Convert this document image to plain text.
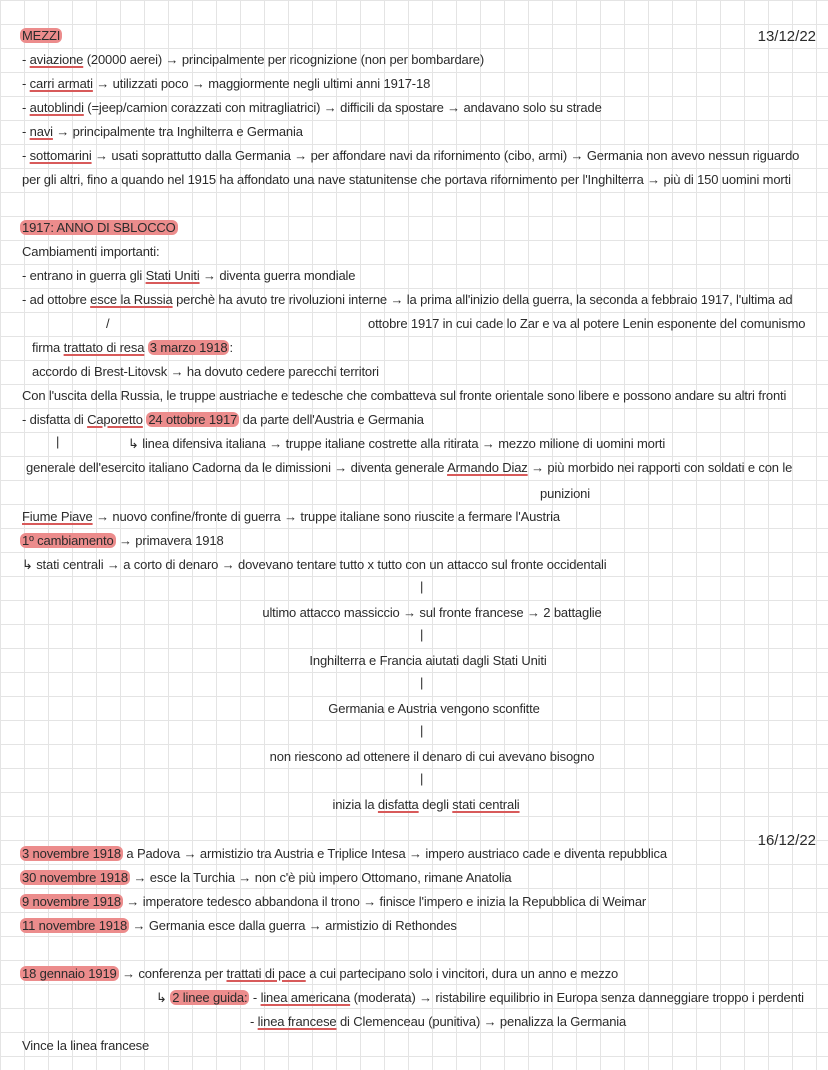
13/12/22
16/12/22
MEZZI
- aviazione (20000 aerei) → principalmente per ricognizione (non per bombardare)
- carri armati → utilizzati poco → maggiormente negli ultimi anni 1917-18
- autoblindi (=jeep/camion corazzati con mitragliatrici) → difficili da spostare → andavano solo su strade
- navi → principalmente tra Inghilterra e Germania
- sottomarini → usati soprattutto dalla Germania → per affondare navi da rifornimento (cibo, armi) → Germania non avevo nessun riguardo
per gli altri, fino a quando nel 1915 ha affondato una nave statunitense che portava rifornimento per l'Inghilterra → più di 150 uomini morti
1917: ANNO DI SBLOCCO
Cambiamenti importanti:
- entrano in guerra gli Stati Uniti → diventa guerra mondiale
- ad ottobre esce la Russia perchè ha avuto tre rivoluzioni interne → la prima all'inizio della guerra, la seconda a febbraio 1917, l'ultima ad
/	ottobre 1917 in cui cade lo Zar e va al potere Lenin esponente del comunismo
firma trattato di resa 3 marzo 1918 :
accordo di Brest-Litovsk → ha dovuto cedere parecchi territori
Con l'uscita della Russia, le truppe austriache e tedesche che combatteva sul fronte orientale sono libere e possono andare su altri fronti
- disfatta di Caporetto 24 ottobre 1917 da parte dell'Austria e Germania
|	↳ linea difensiva italiana → truppe italiane costrette alla ritirata → mezzo milione di uomini morti
generale dell'esercito italiano Cadorna da le dimissioni → diventa generale Armando Diaz → più morbido nei rapporti con soldati e con le
punizioni
Fiume Piave → nuovo confine/fronte di guerra → truppe italiane sono riuscite a fermare l'Austria
1º cambiamento → primavera 1918
↳ stati centrali → a corto di denaro → dovevano tentare tutto x tutto con un attacco sul fronte occidentali
|
ultimo attacco massiccio → sul fronte francese → 2 battaglie
|
Inghilterra e Francia aiutati dagli Stati Uniti
|
Germania e Austria vengono sconfitte
|
non riescono ad ottenere il denaro di cui avevano bisogno
|
inizia la disfatta degli stati centrali
3 novembre 1918 a Padova → armistizio tra Austria e Triplice Intesa → impero austriaco cade e diventa repubblica
30 novembre 1918 → esce la Turchia → non c'è più impero Ottomano, rimane Anatolia
9 novembre 1918 → imperatore tedesco abbandona il trono → finisce l'impero e inizia la Repubblica di Weimar
11 novembre 1918 → Germania esce dalla guerra → armistizio di Rethondes
18 gennaio 1919 → conferenza per trattati di pace a cui partecipano solo i vincitori, dura un anno e mezzo
↳ 2 linee guida: - linea americana (moderata) → ristabilire equilibrio in Europa senza danneggiare troppo i perdenti
- linea francese di Clemenceau (punitiva) → penalizza la Germania
Vince la linea francese
